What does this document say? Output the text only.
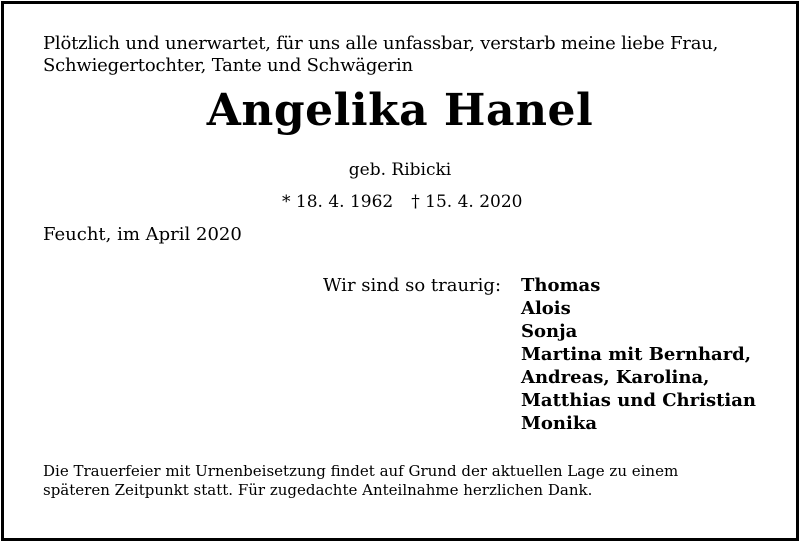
Plötzlich und unerwartet, für uns alle unfassbar, verstarb meine liebe Frau,
Schwiegertochter, Tante und Schwägerin
Angelika Hanel
geb. Ribicki
* 18. 4. 1962 † 15. 4. 2020
Feucht, im April 2020
Wir sind so traurig: Thomas
Alois
Sonja
Martina mit Bernhard,
Andreas, Karolina,
Matthias und Christian
Monika
Die Trauerfeier mit Urnenbeisetzung findet auf Grund der aktuellen Lage zu einem
späteren Zeitpunkt statt. Für zugedachte Anteilnahme herzlichen Dank.
